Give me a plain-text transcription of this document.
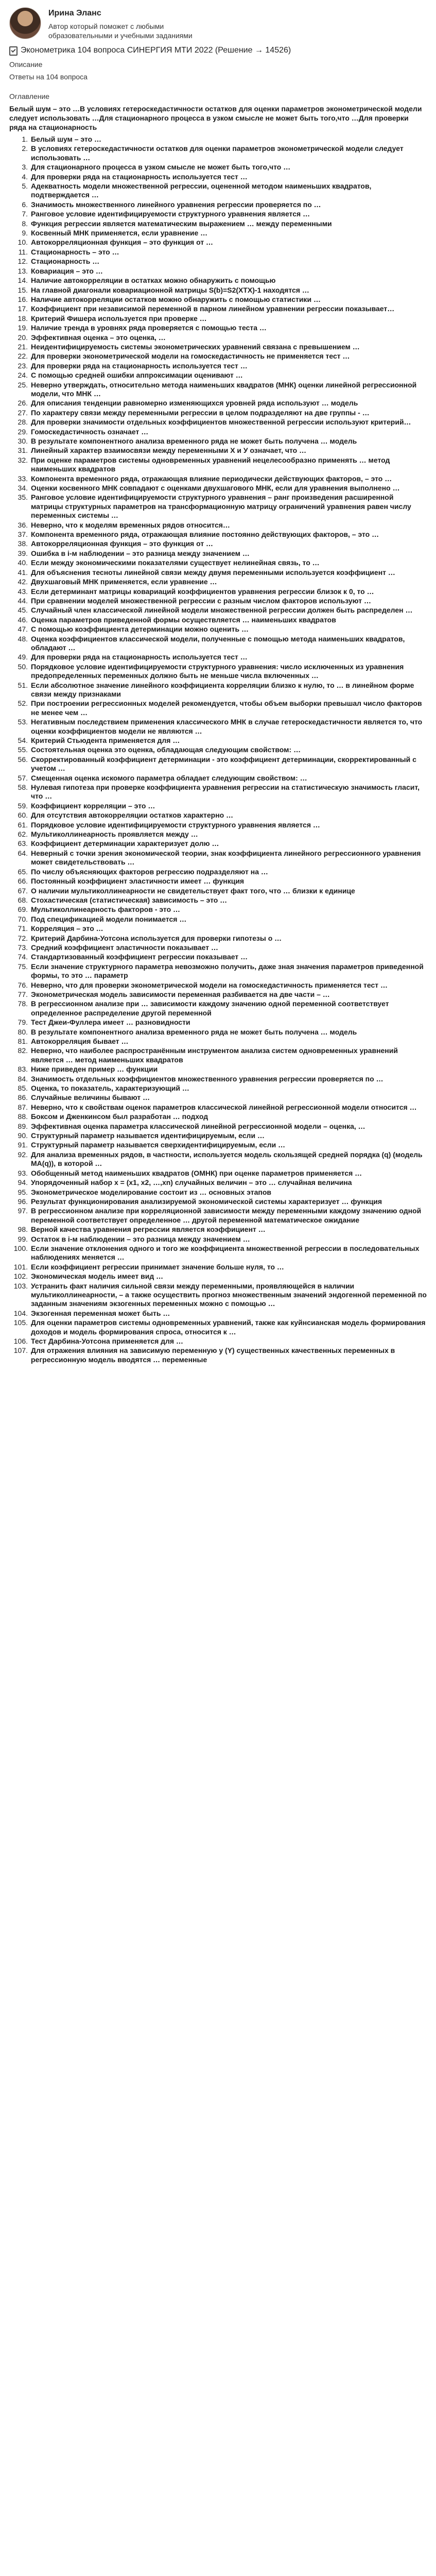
Ирина Эланс
Автор который поможет с любыми образовательными и учебными заданиями
Эконометрика 104 вопроса СИНЕРГИЯ МТИ 2022 (Решение → 14526)
Описание
Ответы на 104 вопроса
Оглавление
Белый шум – это …В условиях гетероскедастичности остатков для оценки параметров эконометрической модели следует использовать …Для стационарного процесса в узком смысле не может быть того,что …Для проверки ряда на стационарность
1. Белый шум – это …
2. В условиях гетероскедастичности остатков для оценки параметров эконометрической модели следует использовать …
3. Для стационарного процесса в узком смысле не может быть того,что …
4. Для проверки ряда на стационарность используется тест …
5. Адекватность модели множественной регрессии, оцененной методом наименьших квадратов, подтверждается …
6. Значимость множественного линейного уравнения регрессии проверяется по …
7. Ранговое условие идентифицируемости структурного уравнения является …
8. Функция регрессии является математическим выражением … между переменными
9. Косвенный МНК применяется, если уравнение …
10. Автокорреляционная функция – это функция от …
11. Стационарность – это …
12. Стационарность …
13. Ковариация – это …
14. Наличие автокорреляции в остатках можно обнаружить с помощью
15. На главной диагонали ковариационной матрицы S(b)=S2(XTX)-1 находятся …
16. Наличие автокорреляции остатков можно обнаружить с помощью статистики …
17. Коэффициент при независимой переменной в парном линейном уравнении регрессии показывает…
18. Критерий Фишера используется при проверке …
19. Наличие тренда в уровнях ряда проверяется с помощью теста …
20. Эффективная оценка – это оценка, …
21. Неидентифицируемость системы эконометрических уравнений связана с превышением …
22. Для проверки эконометрической модели на гомоскедастичность не применяется тест …
23. Для проверки ряда на стационарность используется тест …
24. С помощью средней ошибки аппроксимации оценивают …
25. Неверно утверждать, относительно метода наименьших квадратов (МНК) оценки линейной регрессионной модели, что МНК …
26. Для описания тенденции равномерно изменяющихся уровней ряда используют … модель
27. По характеру связи между переменными регрессии в целом подразделяют на две группы - …
28. Для проверки значимости отдельных коэффициентов множественной регрессии используют критерий…
29. Гомоскедастичность означает …
30. В результате компонентного анализа временного ряда не может быть получена … модель
31. Линейный характер взаимосвязи между переменными Х и У означает, что …
32. При оценке параметров системы одновременных уравнений нецелесообразно применять … метод наименьших квадратов
33. Компонента временного ряда, отражающая влияние периодически действующих факторов, – это …
34. Оценки косвенного МНК совпадают с оценками двухшагового МНК, если для уравнения выполнено …
35. Ранговое условие идентифицируемости структурного уравнения – ранг произведения расширенной матрицы структурных параметров на трансформационную матрицу ограничений уравнения равен числу переменных системы …
36. Неверно, что к моделям временных рядов относится…
37. Компонента временного ряда, отражающая влияние постоянно действующих факторов, – это …
38. Автокорреляционная функция – это функция от …
39. Ошибка в i-м наблюдении – это разница между значением …
40. Если между экономическими показателями существует нелинейная связь, то …
41. Для объяснения тесноты линейной связи между двумя переменными используется коэффициент …
42. Двухшаговый МНК применяется, если уравнение …
43. Если детерминант матрицы ковариаций коэффициентов уравнения регрессии близок к 0, то …
44. При сравнении моделей множественной регрессии с разным числом факторов используют …
45. Случайный член классической линейной модели множественной регрессии должен быть распределен …
46. Оценка параметров приведенной формы осуществляется … наименьших квадратов
47. С помощью коэффициента детерминации можно оценить …
48. Оценка коэффициентов классической модели, полученные с помощью метода наименьших квадратов, обладают …
49. Для проверки ряда на стационарность используется тест …
50. Порядковое условие идентифицируемости структурного уравнения: число исключенных из уравнения предопределенных переменных должно быть не меньше числа включенных …
51. Если абсолютное значение линейного коэффициента корреляции близко к нулю, то … в линейном форме связи между признаками
52. При построении регрессионных моделей рекомендуется, чтобы объем выборки превышал число факторов не менее чем …
53. Негативным последствием применения классического МНК в случае гетероскедастичности является то, что оценки коэффициентов модели не являются …
54. Критерий Стьюдента применяется для …
55. Состоятельная оценка это оценка, обладающая следующим свойством: …
56. Скорректированный коэффициент детерминации - это коэффициент детерминации, скорректированный с учетом …
57. Смещенная оценка искомого параметра обладает следующим свойством: …
58. Нулевая гипотеза при проверке коэффициента уравнения регрессии на статистическую значимость гласит, что …
59. Коэффициент корреляции – это …
60. Для отсутствия автокорреляции остатков характерно …
61. Порядковое условие идентифицируемости структурного уравнения является …
62. Мультиколлинеарность проявляется между …
63. Коэффициент детерминации характеризует долю …
64. Неверный с точки зрения экономической теории, знак коэффициента линейного регрессионного уравнения может свидетельствовать …
65. По числу объясняющих факторов регрессию подразделяют на …
66. Постоянный коэффициент эластичности имеет … функция
67. О наличии мультиколлинеарности не свидетельствует факт того, что … близки к единице
68. Стохастическая (статистическая) зависимость – это …
69. Мультиколлинеарность факторов - это …
70. Под спецификацией модели понимается …
71. Корреляция – это …
72. Критерий Дарбина-Уотсона используется для проверки гипотезы о …
73. Средний коэффициент эластичности показывает …
74. Стандартизованный коэффициент регрессии показывает …
75. Если значение структурного параметра невозможно получить, даже зная значения параметров приведенной формы, то это … параметр
76. Неверно, что для проверки эконометрической модели на гомоскедастичность применяется тест …
77. Эконометрическая модель зависимости переменная разбивается на две части – …
78. В регрессионном анализе при … зависимости каждому значению одной переменной соответствует определенное распределение другой переменной
79. Тест Джеи-Фуллера имеет … разновидности
80. В результате компонентного анализа временного ряда не может быть получена … модель
81. Автокорреляция бывает …
82. Неверно, что наиболее распространённым инструментом анализа систем одновременных уравнений является … метод наименьших квадратов
83. Ниже приведен пример … функции
84. Значимость отдельных коэффициентов множественного уравнения регрессии проверяется по …
85. Оценка, то показатель, характеризующий …
86. Случайные величины бывают …
87. Неверно, что к свойствам оценок параметров классической линейной регрессионной модели относится …
88. Боксом и Дженкинсом был разработан … подход
89. Эффективная оценка параметра классической линейной регрессионной модели – оценка, …
90. Структурный параметр называется идентифицируемым, если …
91. Структурный параметр называется сверхидентифицируемым, если …
92. Для анализа временных рядов, в частности, используется модель скользящей средней порядка (q) (модель МА(q)), в которой …
93. Обобщенный метод наименьших квадратов (ОМНК) при оценке параметров применяется …
94. Упорядоченный набор x = (x1, x2, …,xn) случайных величин – это … случайная величина
95. Эконометрическое моделирование состоит из … основных этапов
96. Результат функционирования анализируемой экономической системы характеризует … функция
97. В регрессионном анализе при корреляционной зависимости между переменными каждому значению одной переменной соответствует определенное … другой переменной математическое ожидание
98. Верной качества уравнения регрессии является коэффициент …
99. Остаток в i-м наблюдении – это разница между значением …
100. Если значение отклонения одного и того же коэффициента множественной регрессии в последовательных наблюдениях меняется …
101. Если коэффициент регрессии принимает значение больше нуля, то …
102. Экономическая модель имеет вид …
103. Устранить факт наличия сильной связи между переменными, проявляющейся в наличии мультиколлинеарности, – а также осуществить прогноз множественным значений эндогенной переменной по заданным значениям экзогенных переменных можно с помощью …
104. Экзогенная переменная может быть …
105. Для оценки параметров системы одновременных уравнений, также как куйнсианская модель формирования доходов и модель формирования спроса, относится к …
106. Тест Дарбина-Уотсона применяется для …
107. Для отражения влияния на зависимую переменную у (Y) существенных качественных переменных в регрессионную модель вводятся … переменные
